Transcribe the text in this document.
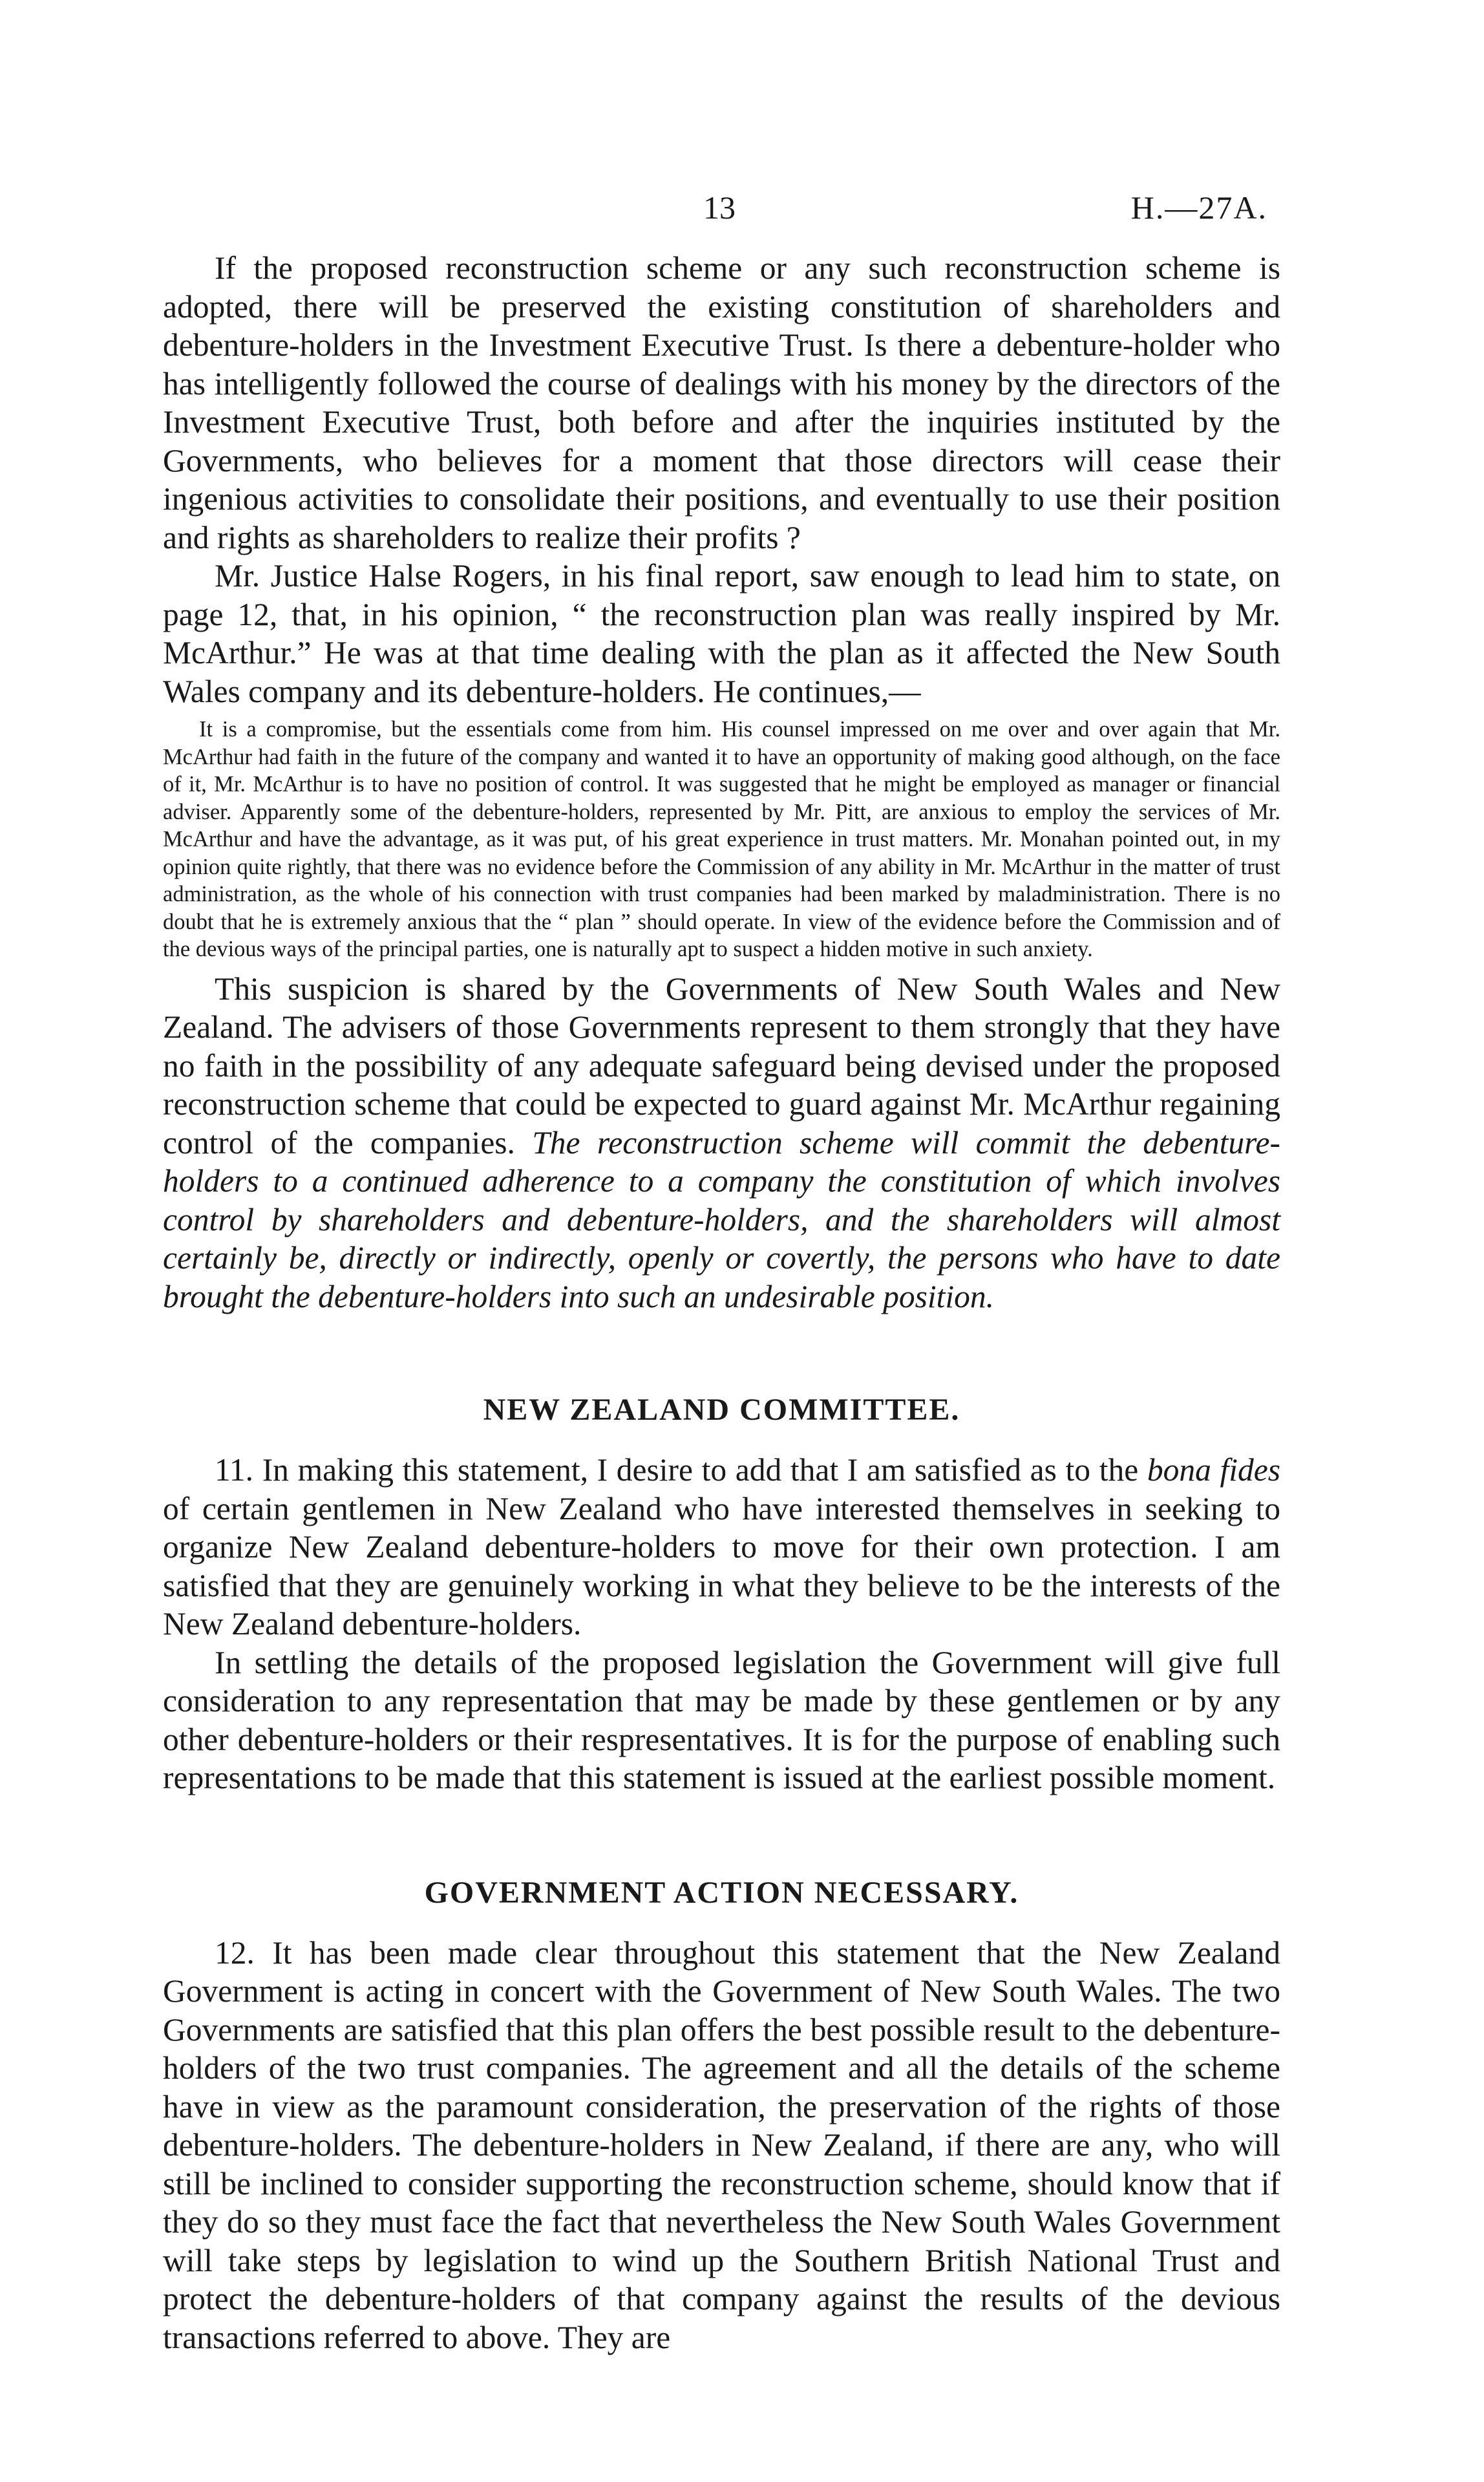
13	H.—27A.

If the proposed reconstruction scheme or any such reconstruction scheme is adopted, there will be preserved the existing constitution of shareholders and debenture-holders in the Investment Executive Trust. Is there a debenture-holder who has intelligently followed the course of dealings with his money by the directors of the Investment Executive Trust, both before and after the inquiries instituted by the Governments, who believes for a moment that those directors will cease their ingenious activities to consolidate their positions, and eventually to use their position and rights as shareholders to realize their profits ?

Mr. Justice Halse Rogers, in his final report, saw enough to lead him to state, on page 12, that, in his opinion, “ the reconstruction plan was really inspired by Mr. McArthur.” He was at that time dealing with the plan as it affected the New South Wales company and its debenture-holders. He continues,—

It is a compromise, but the essentials come from him. His counsel impressed on me over and over again that Mr. McArthur had faith in the future of the company and wanted it to have an opportunity of making good although, on the face of it, Mr. McArthur is to have no position of control. It was suggested that he might be employed as manager or financial adviser. Apparently some of the debenture-holders, represented by Mr. Pitt, are anxious to employ the services of Mr. McArthur and have the advantage, as it was put, of his great experience in trust matters. Mr. Monahan pointed out, in my opinion quite rightly, that there was no evidence before the Commission of any ability in Mr. McArthur in the matter of trust administration, as the whole of his connection with trust companies had been marked by maladministration. There is no doubt that he is extremely anxious that the “ plan ” should operate. In view of the evidence before the Commission and of the devious ways of the principal parties, one is naturally apt to suspect a hidden motive in such anxiety.

This suspicion is shared by the Governments of New South Wales and New Zealand. The advisers of those Governments represent to them strongly that they have no faith in the possibility of any adequate safeguard being devised under the proposed reconstruction scheme that could be expected to guard against Mr. McArthur regaining control of the companies. The reconstruction scheme will commit the debenture-holders to a continued adherence to a company the constitution of which involves control by shareholders and debenture-holders, and the shareholders will almost certainly be, directly or indirectly, openly or covertly, the persons who have to date brought the debenture-holders into such an undesirable position.

NEW ZEALAND COMMITTEE.

11. In making this statement, I desire to add that I am satisfied as to the bona fides of certain gentlemen in New Zealand who have interested themselves in seeking to organize New Zealand debenture-holders to move for their own protection. I am satisfied that they are genuinely working in what they believe to be the interests of the New Zealand debenture-holders.

In settling the details of the proposed legislation the Government will give full consideration to any representation that may be made by these gentlemen or by any other debenture-holders or their respresentatives. It is for the purpose of enabling such representations to be made that this statement is issued at the earliest possible moment.

GOVERNMENT ACTION NECESSARY.

12. It has been made clear throughout this statement that the New Zealand Government is acting in concert with the Government of New South Wales. The two Governments are satisfied that this plan offers the best possible result to the debenture-holders of the two trust companies. The agreement and all the details of the scheme have in view as the paramount consideration, the preservation of the rights of those debenture-holders. The debenture-holders in New Zealand, if there are any, who will still be inclined to consider supporting the reconstruction scheme, should know that if they do so they must face the fact that nevertheless the New South Wales Government will take steps by legislation to wind up the Southern British National Trust and protect the debenture-holders of that company against the results of the devious transactions referred to above. They are
